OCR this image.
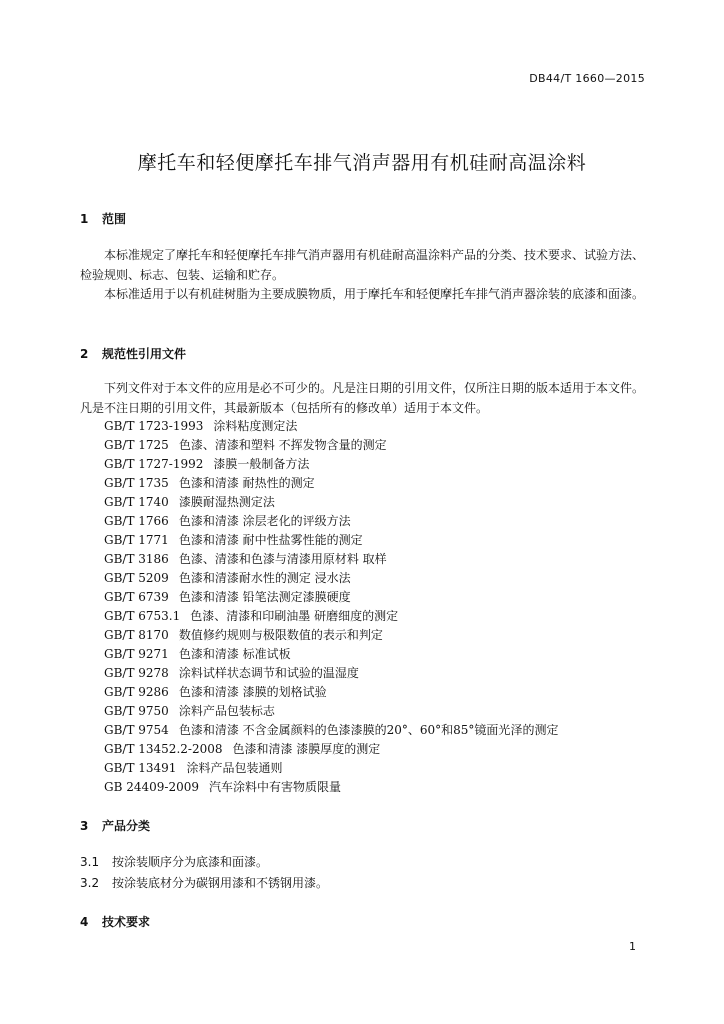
DB44/T 1660—2015
摩托车和轻便摩托车排气消声器用有机硅耐高温涂料
1 范围
本标准规定了摩托车和轻便摩托车排气消声器用有机硅耐高温涂料产品的分类、技术要求、试验方法、检验规则、标志、包装、运输和贮存。
本标准适用于以有机硅树脂为主要成膜物质，用于摩托车和轻便摩托车排气消声器涂装的底漆和面漆。
2 规范性引用文件
下列文件对于本文件的应用是必不可少的。凡是注日期的引用文件，仅所注日期的版本适用于本文件。凡是不注日期的引用文件，其最新版本（包括所有的修改单）适用于本文件。
GB/T 1723-1993 涂料粘度测定法
GB/T 1725 色漆、清漆和塑料 不挥发物含量的测定
GB/T 1727-1992 漆膜一般制备方法
GB/T 1735 色漆和清漆 耐热性的测定
GB/T 1740 漆膜耐湿热测定法
GB/T 1766 色漆和清漆 涂层老化的评级方法
GB/T 1771 色漆和清漆 耐中性盐雾性能的测定
GB/T 3186 色漆、清漆和色漆与清漆用原材料 取样
GB/T 5209 色漆和清漆耐水性的测定 浸水法
GB/T 6739 色漆和清漆 铅笔法测定漆膜硬度
GB/T 6753.1 色漆、清漆和印刷油墨 研磨细度的测定
GB/T 8170 数值修约规则与极限数值的表示和判定
GB/T 9271 色漆和清漆 标准试板
GB/T 9278 涂料试样状态调节和试验的温湿度
GB/T 9286 色漆和清漆 漆膜的划格试验
GB/T 9750 涂料产品包装标志
GB/T 9754 色漆和清漆 不含金属颜料的色漆漆膜的20°、60°和85°镜面光泽的测定
GB/T 13452.2-2008 色漆和清漆 漆膜厚度的测定
GB/T 13491 涂料产品包装通则
GB 24409-2009 汽车涂料中有害物质限量
3 产品分类
3.1 按涂装顺序分为底漆和面漆。
3.2 按涂装底材分为碳钢用漆和不锈钢用漆。
4 技术要求
1
